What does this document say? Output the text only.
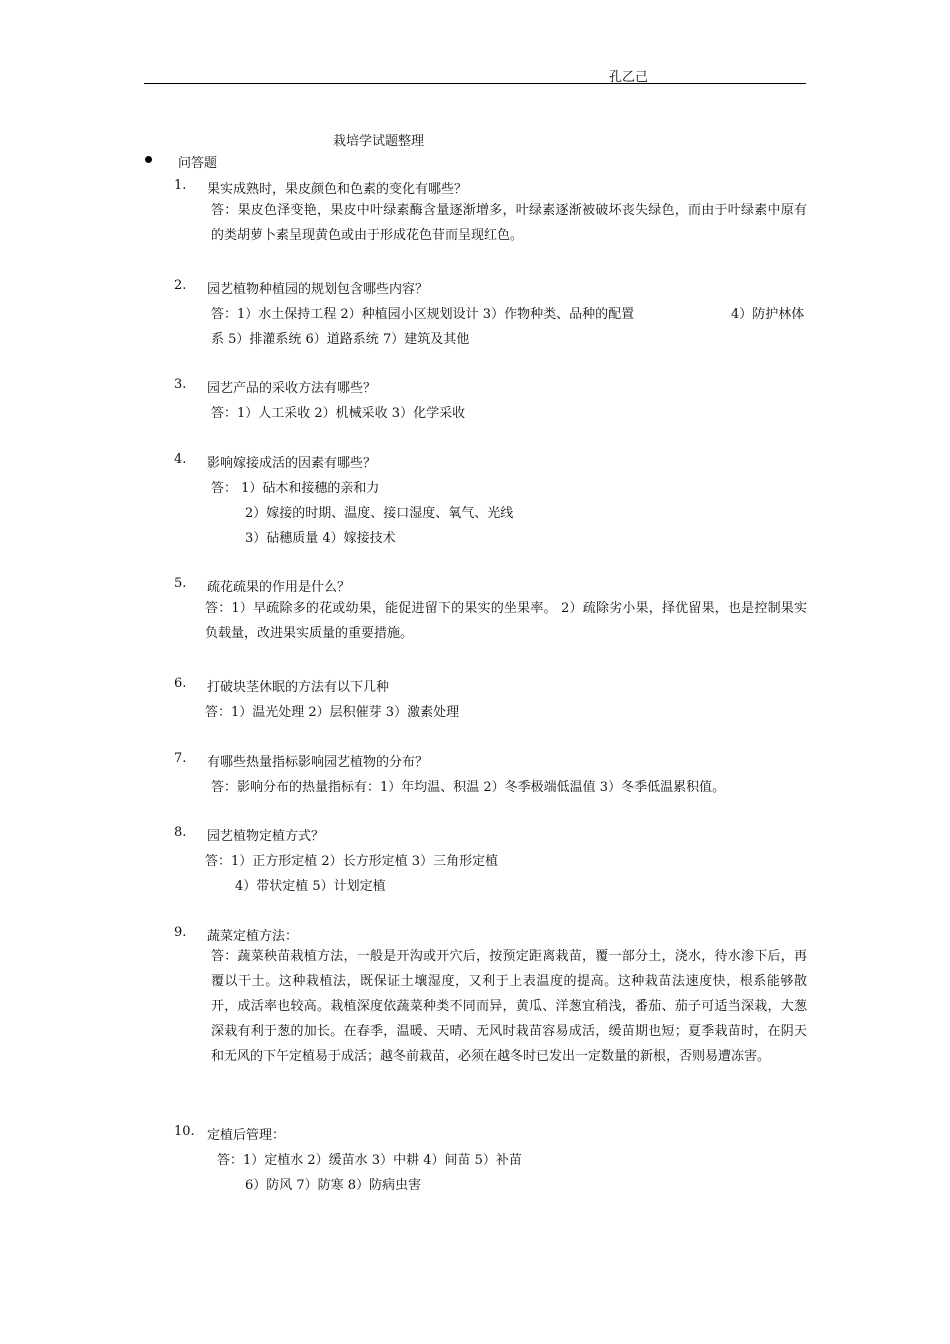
孔乙己
栽培学试题整理
问答题
1. 果实成熟时，果皮颜色和色素的变化有哪些？
答：果皮色泽变艳，果皮中叶绿素酶含量逐渐增多，叶绿素逐渐被破坏丧失绿色，而由于叶绿素中原有的类胡萝卜素呈现黄色或由于形成花色苷而呈现红色。
2. 园艺植物种植园的规划包含哪些内容？
答：1）水土保持工程 2）种植园小区规划设计 3）作物种类、品种的配置	4）防护林体
系 5）排灌系统 6）道路系统 7）建筑及其他
3. 园艺产品的采收方法有哪些？
答：1）人工采收 2）机械采收 3）化学采收
4. 影响嫁接成活的因素有哪些？
答： 1）砧木和接穗的亲和力
2）嫁接的时期、温度、接口湿度、氧气、光线
3）砧穗质量 4）嫁接技术
5. 疏花疏果的作用是什么？
答：1）早疏除多的花或幼果，能促进留下的果实的坐果率。 2）疏除劣小果，择优留果，也是控制果实负载量，改进果实质量的重要措施。
6. 打破块茎休眠的方法有以下几种
答：1）温光处理 2）层积催芽 3）激素处理
7. 有哪些热量指标影响园艺植物的分布？
答：影响分布的热量指标有：1）年均温、积温 2）冬季极端低温值 3）冬季低温累积值。
8. 园艺植物定植方式？
答：1）正方形定植 2）长方形定植 3）三角形定植
4）带状定植 5）计划定植
9. 蔬菜定植方法：
答：蔬菜秧苗栽植方法，一般是开沟或开穴后，按预定距离栽苗，覆一部分土，浇水，待水渗下后，再覆以干土。这种栽植法，既保证土壤湿度，又利于上表温度的提高。这种栽苗法速度快，根系能够散开，成活率也较高。栽植深度依蔬菜种类不同而异，黄瓜、洋葱宜稍浅，番茄、茄子可适当深栽，大葱深栽有利于葱的加长。在春季，温暖、天晴、无风时栽苗容易成活，缓苗期也短；夏季栽苗时，在阴天和无风的下午定植易于成活；越冬前栽苗，必须在越冬时已发出一定数量的新根，否则易遭冻害。
10. 定植后管理：
答：1）定植水 2）缓苗水 3）中耕 4）间苗 5）补苗
6）防风 7）防寒 8）防病虫害
